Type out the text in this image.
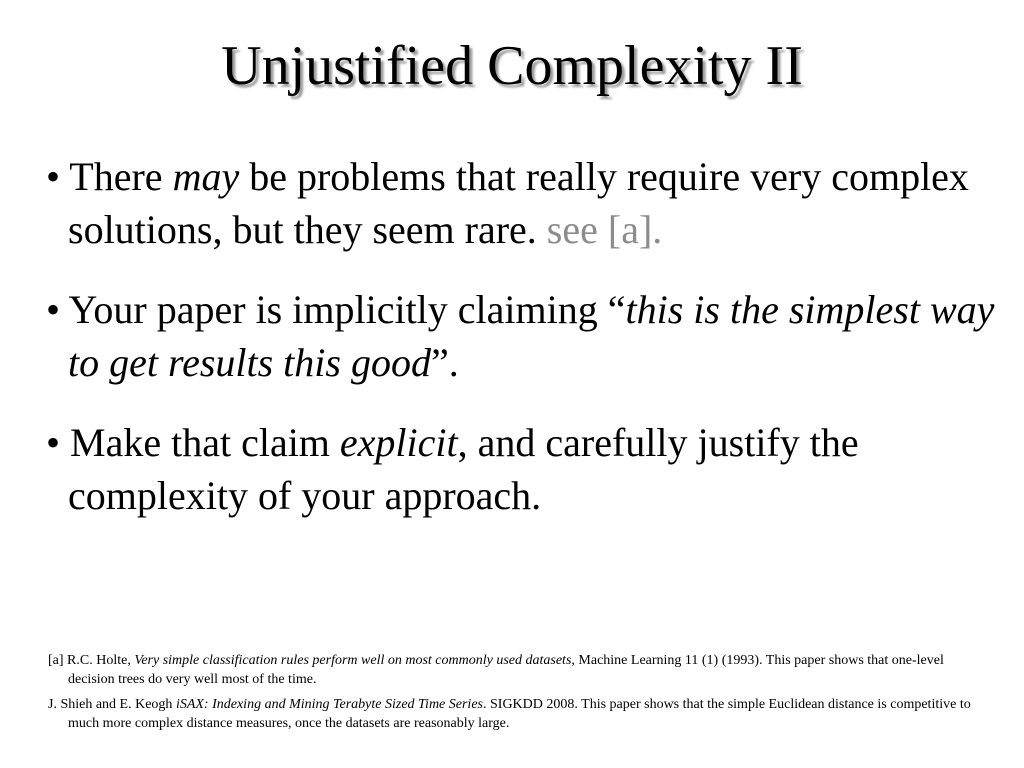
Unjustified Complexity II
• There may be problems that really require very complex solutions, but they seem rare. see [a].
• Your paper is implicitly claiming “this is the simplest way to get results this good”.
• Make that claim explicit, and carefully justify the complexity of your approach.
[a] R.C. Holte, Very simple classification rules perform well on most commonly used datasets, Machine Learning 11 (1) (1993). This paper shows that one-level decision trees do very well most of the time.
J. Shieh and E. Keogh iSAX: Indexing and Mining Terabyte Sized Time Series. SIGKDD 2008. This paper shows that the simple Euclidean distance is competitive to much more complex distance measures, once the datasets are reasonably large.
